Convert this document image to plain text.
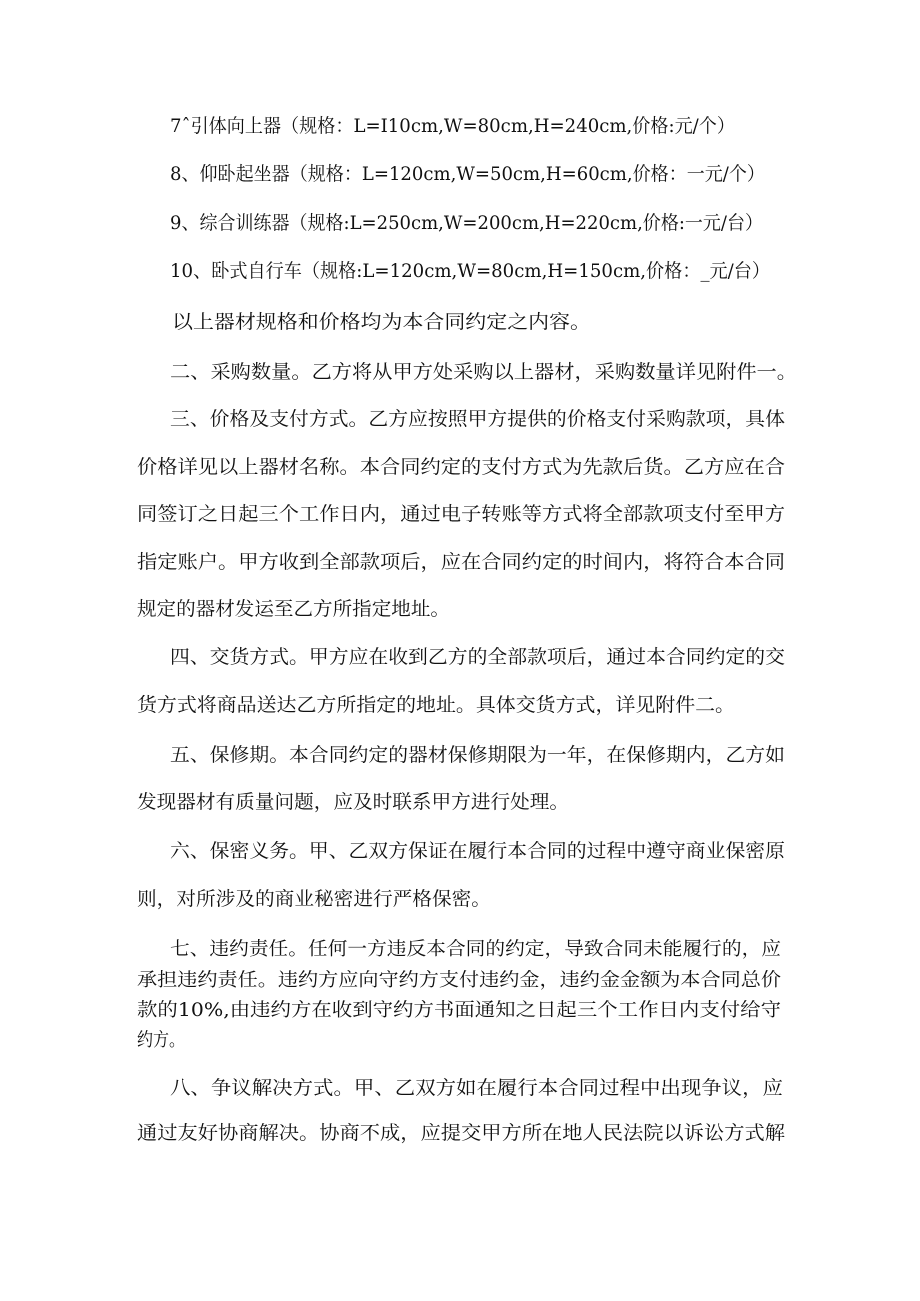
7ˆ引体向上器（规格：L=I10cm,W=80cm,H=240cm,价格:元/个）
8、仰卧起坐器（规格：L=120cm,W=50cm,H=60cm,价格：一元/个）
9、综合训练器（规格:L=250cm,W=200cm,H=220cm,价格:一元/台）
10、卧式自行车（规格:L=120cm,W=80cm,H=150cm,价格：_元/台）
以上器材规格和价格均为本合同约定之内容。
二、采购数量。乙方将从甲方处采购以上器材，采购数量详见附件一。
三、价格及支付方式。乙方应按照甲方提供的价格支付采购款项，具体
价格详见以上器材名称。本合同约定的支付方式为先款后货。乙方应在合
同签订之日起三个工作日内，通过电子转账等方式将全部款项支付至甲方
指定账户。甲方收到全部款项后，应在合同约定的时间内，将符合本合同
规定的器材发运至乙方所指定地址。
四、交货方式。甲方应在收到乙方的全部款项后，通过本合同约定的交
货方式将商品送达乙方所指定的地址。具体交货方式，详见附件二。
五、保修期。本合同约定的器材保修期限为一年，在保修期内，乙方如
发现器材有质量问题，应及时联系甲方进行处理。
六、保密义务。甲、乙双方保证在履行本合同的过程中遵守商业保密原
则，对所涉及的商业秘密进行严格保密。
七、违约责任。任何一方违反本合同的约定，导致合同未能履行的，应
承担违约责任。违约方应向守约方支付违约金，违约金金额为本合同总价
款的10%,由违约方在收到守约方书面通知之日起三个工作日内支付给守
约方。
八、争议解决方式。甲、乙双方如在履行本合同过程中出现争议，应
通过友好协商解决。协商不成，应提交甲方所在地人民法院以诉讼方式解
